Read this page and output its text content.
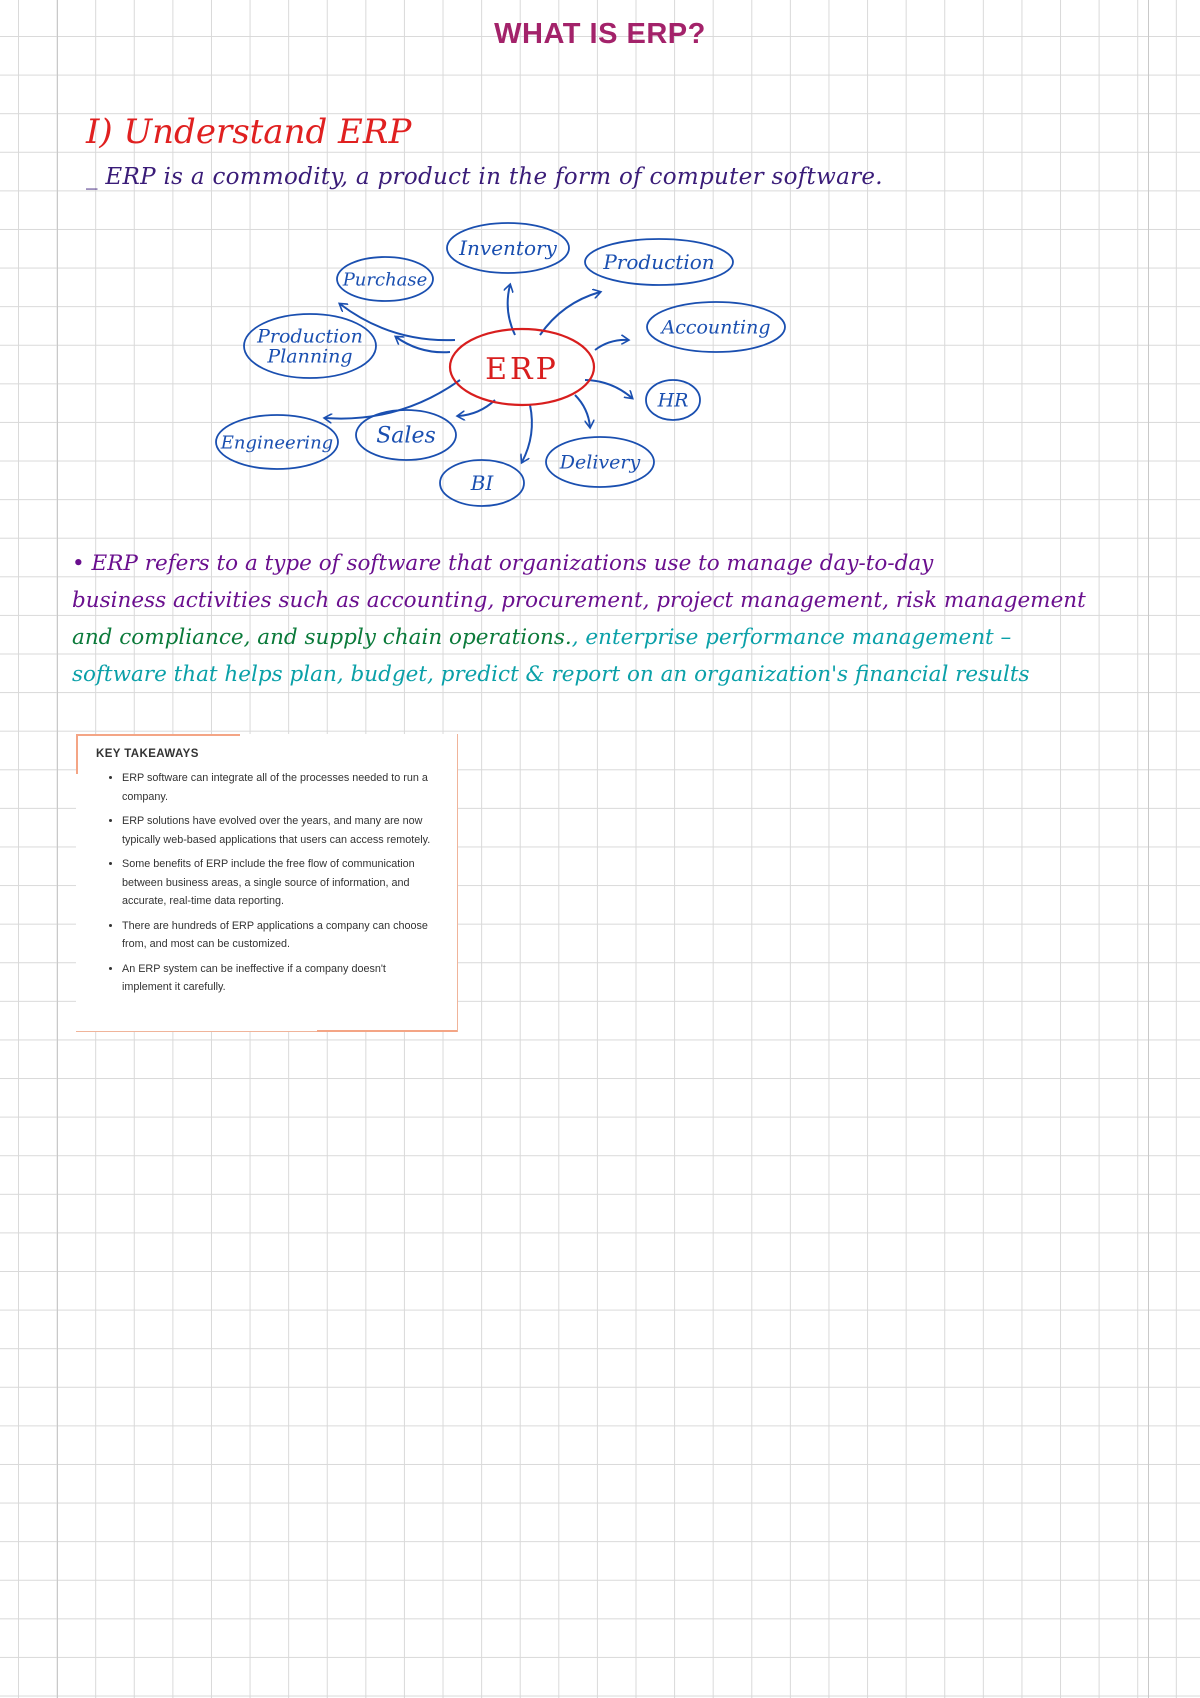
WHAT IS ERP?
I) Understand ERP
_ ERP is a commodity, a product in the form of computer software.
Purchase
Inventory
Production
Accounting
Production
Planning
HR
Engineering Sales
Delivery
BI
ERP
• ERP refers to a type of software that organizations use to manage day-to-day
business activities such as accounting, procurement, project management, risk management
and compliance, and supply chain operations., enterprise performance management –
software that helps plan, budget, predict & report on an organization's financial results
KEY TAKEAWAYS
• ERP software can integrate all of the processes needed to run a company.
• ERP solutions have evolved over the years, and many are now typically web-based applications that users can access remotely.
• Some benefits of ERP include the free flow of communication between business areas, a single source of information, and accurate, real-time data reporting.
• There are hundreds of ERP applications a company can choose from, and most can be customized.
• An ERP system can be ineffective if a company doesn't implement it carefully.
